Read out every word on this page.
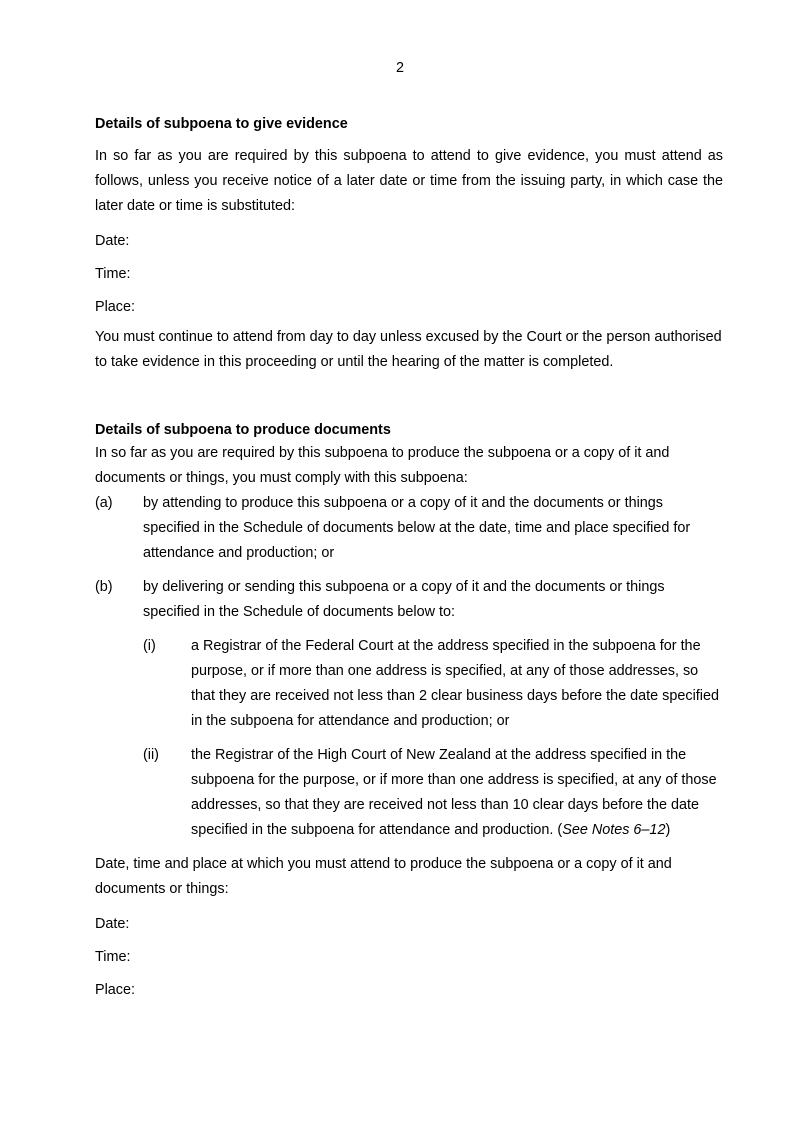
2

Details of subpoena to give evidence

In so far as you are required by this subpoena to attend to give evidence, you must attend as follows, unless you receive notice of a later date or time from the issuing party, in which case the later date or time is substituted:

Date:

Time:

Place:

You must continue to attend from day to day unless excused by the Court or the person authorised to take evidence in this proceeding or until the hearing of the matter is completed.

Details of subpoena to produce documents

In so far as you are required by this subpoena to produce the subpoena or a copy of it and documents or things, you must comply with this subpoena:

(a) by attending to produce this subpoena or a copy of it and the documents or things specified in the Schedule of documents below at the date, time and place specified for attendance and production; or
(b) by delivering or sending this subpoena or a copy of it and the documents or things specified in the Schedule of documents below to:
(i) a Registrar of the Federal Court at the address specified in the subpoena for the purpose, or if more than one address is specified, at any of those addresses, so that they are received not less than 2 clear business days before the date specified in the subpoena for attendance and production; or
(ii) the Registrar of the High Court of New Zealand at the address specified in the subpoena for the purpose, or if more than one address is specified, at any of those addresses, so that they are received not less than 10 clear days before the date specified in the subpoena for attendance and production. (See Notes 6–12)

Date, time and place at which you must attend to produce the subpoena or a copy of it and documents or things:

Date:

Time:

Place:
